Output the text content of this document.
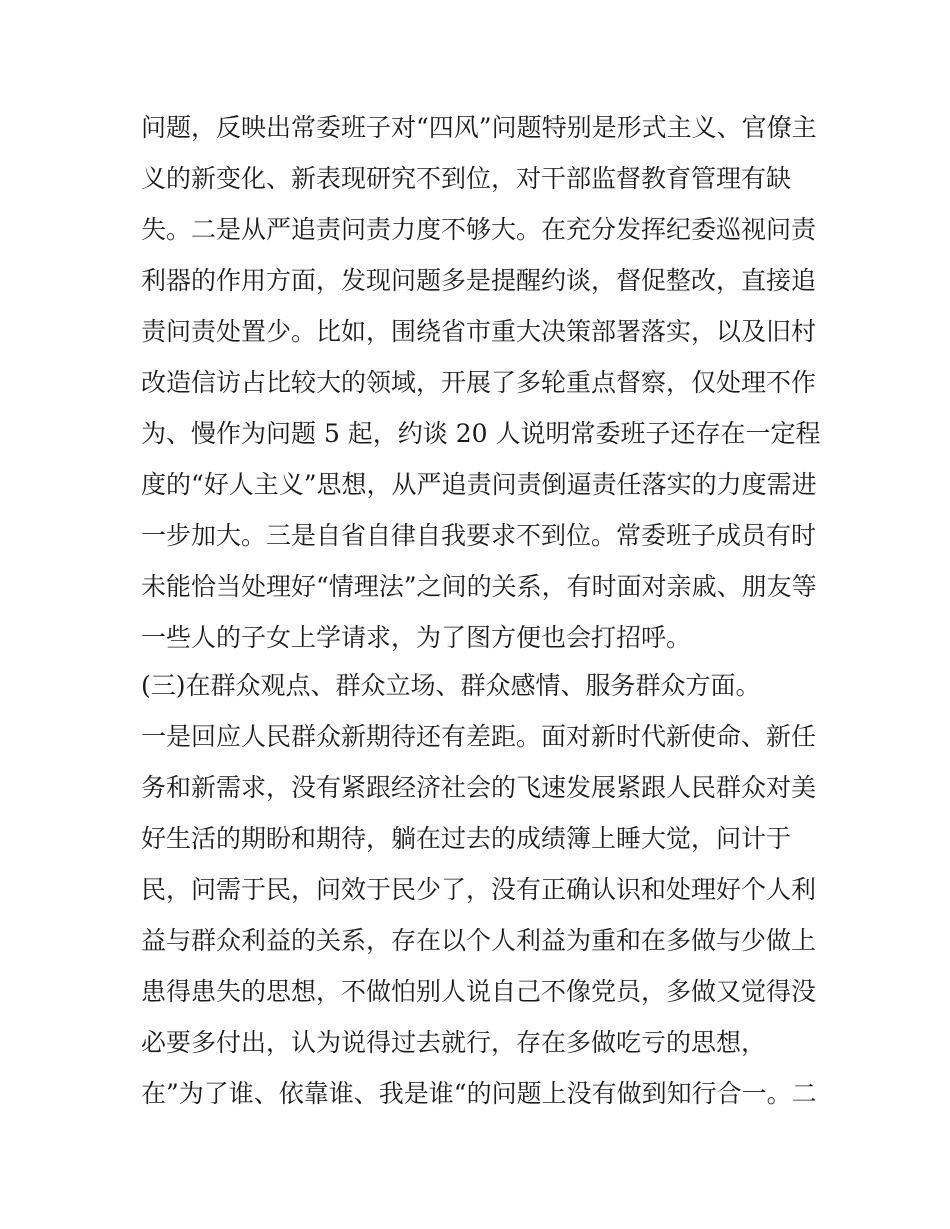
问题，反映出常委班子对“四风”问题特别是形式主义、官僚主
义的新变化、新表现研究不到位，对干部监督教育管理有缺
失。二是从严追责问责力度不够大。在充分发挥纪委巡视问责
利器的作用方面，发现问题多是提醒约谈，督促整改，直接追
责问责处置少。比如，围绕省市重大决策部署落实，以及旧村
改造信访占比较大的领域，开展了多轮重点督察，仅处理不作
为、慢作为问题 5 起，约谈 20 人说明常委班子还存在一定程
度的“好人主义”思想，从严追责问责倒逼责任落实的力度需进
一步加大。三是自省自律自我要求不到位。常委班子成员有时
未能恰当处理好“情理法”之间的关系，有时面对亲戚、朋友等
一些人的子女上学请求，为了图方便也会打招呼。
(三)在群众观点、群众立场、群众感情、服务群众方面。
一是回应人民群众新期待还有差距。面对新时代新使命、新任
务和新需求，没有紧跟经济社会的飞速发展紧跟人民群众对美
好生活的期盼和期待，躺在过去的成绩簿上睡大觉，问计于
民，问需于民，问效于民少了，没有正确认识和处理好个人利
益与群众利益的关系，存在以个人利益为重和在多做与少做上
患得患失的思想，不做怕别人说自己不像党员，多做又觉得没
必要多付出，认为说得过去就行，存在多做吃亏的思想，
在”为了谁、依靠谁、我是谁“的问题上没有做到知行合一。二
